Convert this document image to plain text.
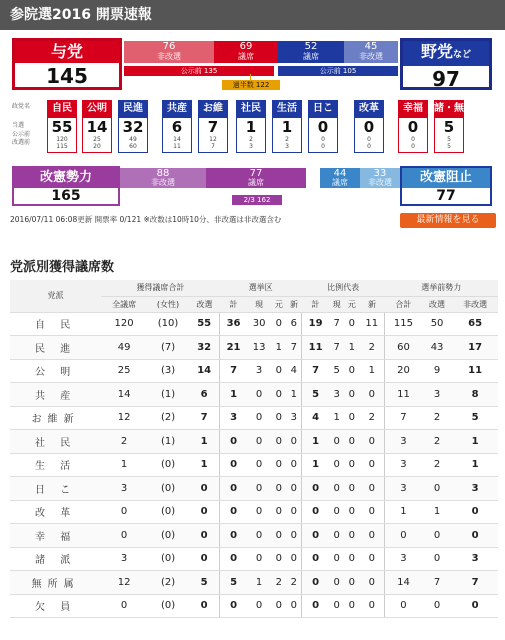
参院選2016 開票速報
与党
145
野党など
97
76
非改選
69
議席
52
議席
45
非改選
公示前 135	公示前 105
過半数 122
政党名
当選
公示前
改選前
自民
55
120
115
公明
14
25
20
民進
32
49
60
共産
6
14
11
お維
7
12
7
社民
1
2
3
生活
1
2
3
日こ
0
0
0
改革
0
0
0
幸福
0
0
0
諸・無
5
5
5
改憲勢力
165
改憲阻止
77
88
非改選
77
議席
44
議席
33
非改選
2/3 162
2016/07/11 06:08更新 開票率 0/121 ※改数は10時10分、非改選は非改選含む	最新情報を見る
党派別獲得議席数
党派	獲得議席合計			選挙区				比例代表				選挙前勢力		
	全議席	(女性)	改選	計	現	元	新	計	現	元	新	合計	改選	非改選
自 民	120	(10)	55	36	30	0	6	19	7	0	11	115	50	65
民 進	49	(7)	32	21	13	1	7	11	7	1	2	60	43	17
公 明	25	(3)	14	7	3	0	4	7	5	0	1	20	9	11
共 産	14	(1)	6	1	0	0	1	5	3	0	0	11	3	8
お維新	12	(2)	7	3	0	0	3	4	1	0	2	7	2	5
社 民	2	(1)	1	0	0	0	0	1	0	0	0	3	2	1
生 活	1	(0)	1	0	0	0	0	1	0	0	0	3	2	1
日 こ	3	(0)	0	0	0	0	0	0	0	0	0	3	0	3
改 革	0	(0)	0	0	0	0	0	0	0	0	0	1	1	0
幸 福	0	(0)	0	0	0	0	0	0	0	0	0	0	0	0
諸 派	3	(0)	0	0	0	0	0	0	0	0	0	3	0	3
無所属	12	(2)	5	5	1	2	2	0	0	0	0	14	7	7
欠 員	0	(0)	0	0	0	0	0	0	0	0	0	0	0	0
